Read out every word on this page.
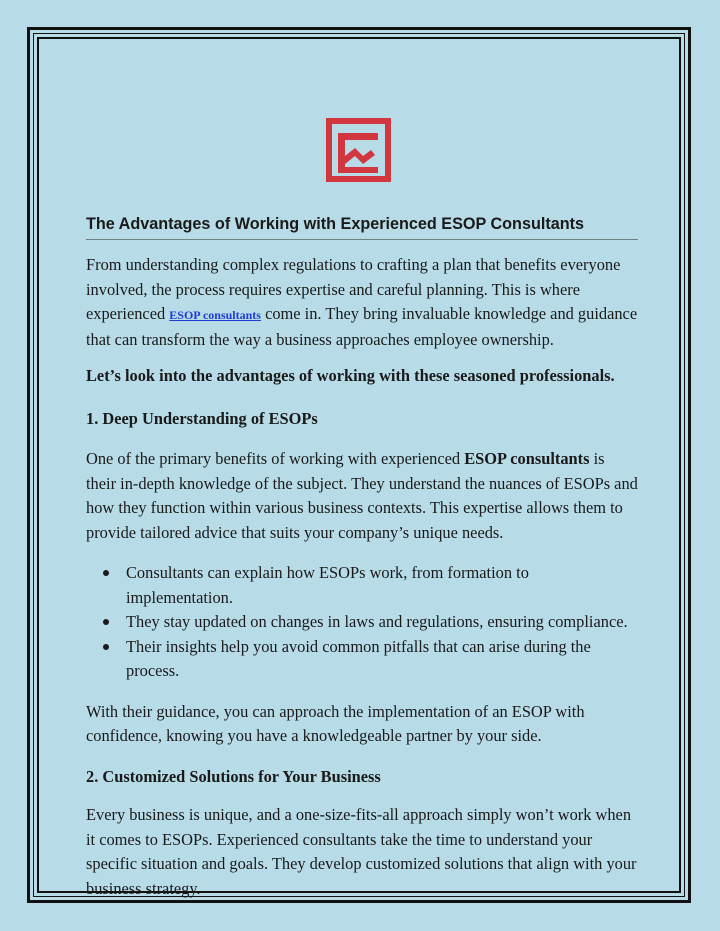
The Advantages of Working with Experienced ESOP Consultants

From understanding complex regulations to crafting a plan that benefits everyone involved, the process requires expertise and careful planning. This is where experienced ESOP consultants come in. They bring invaluable knowledge and guidance that can transform the way a business approaches employee ownership.

Let’s look into the advantages of working with these seasoned professionals.

1. Deep Understanding of ESOPs

One of the primary benefits of working with experienced ESOP consultants is their in-depth knowledge of the subject. They understand the nuances of ESOPs and how they function within various business contexts. This expertise allows them to provide tailored advice that suits your company’s unique needs.

Consultants can explain how ESOPs work, from formation to implementation.
They stay updated on changes in laws and regulations, ensuring compliance.
Their insights help you avoid common pitfalls that can arise during the process.

With their guidance, you can approach the implementation of an ESOP with confidence, knowing you have a knowledgeable partner by your side.

2. Customized Solutions for Your Business

Every business is unique, and a one-size-fits-all approach simply won’t work when it comes to ESOPs. Experienced consultants take the time to understand your specific situation and goals. They develop customized solutions that align with your business strategy.
